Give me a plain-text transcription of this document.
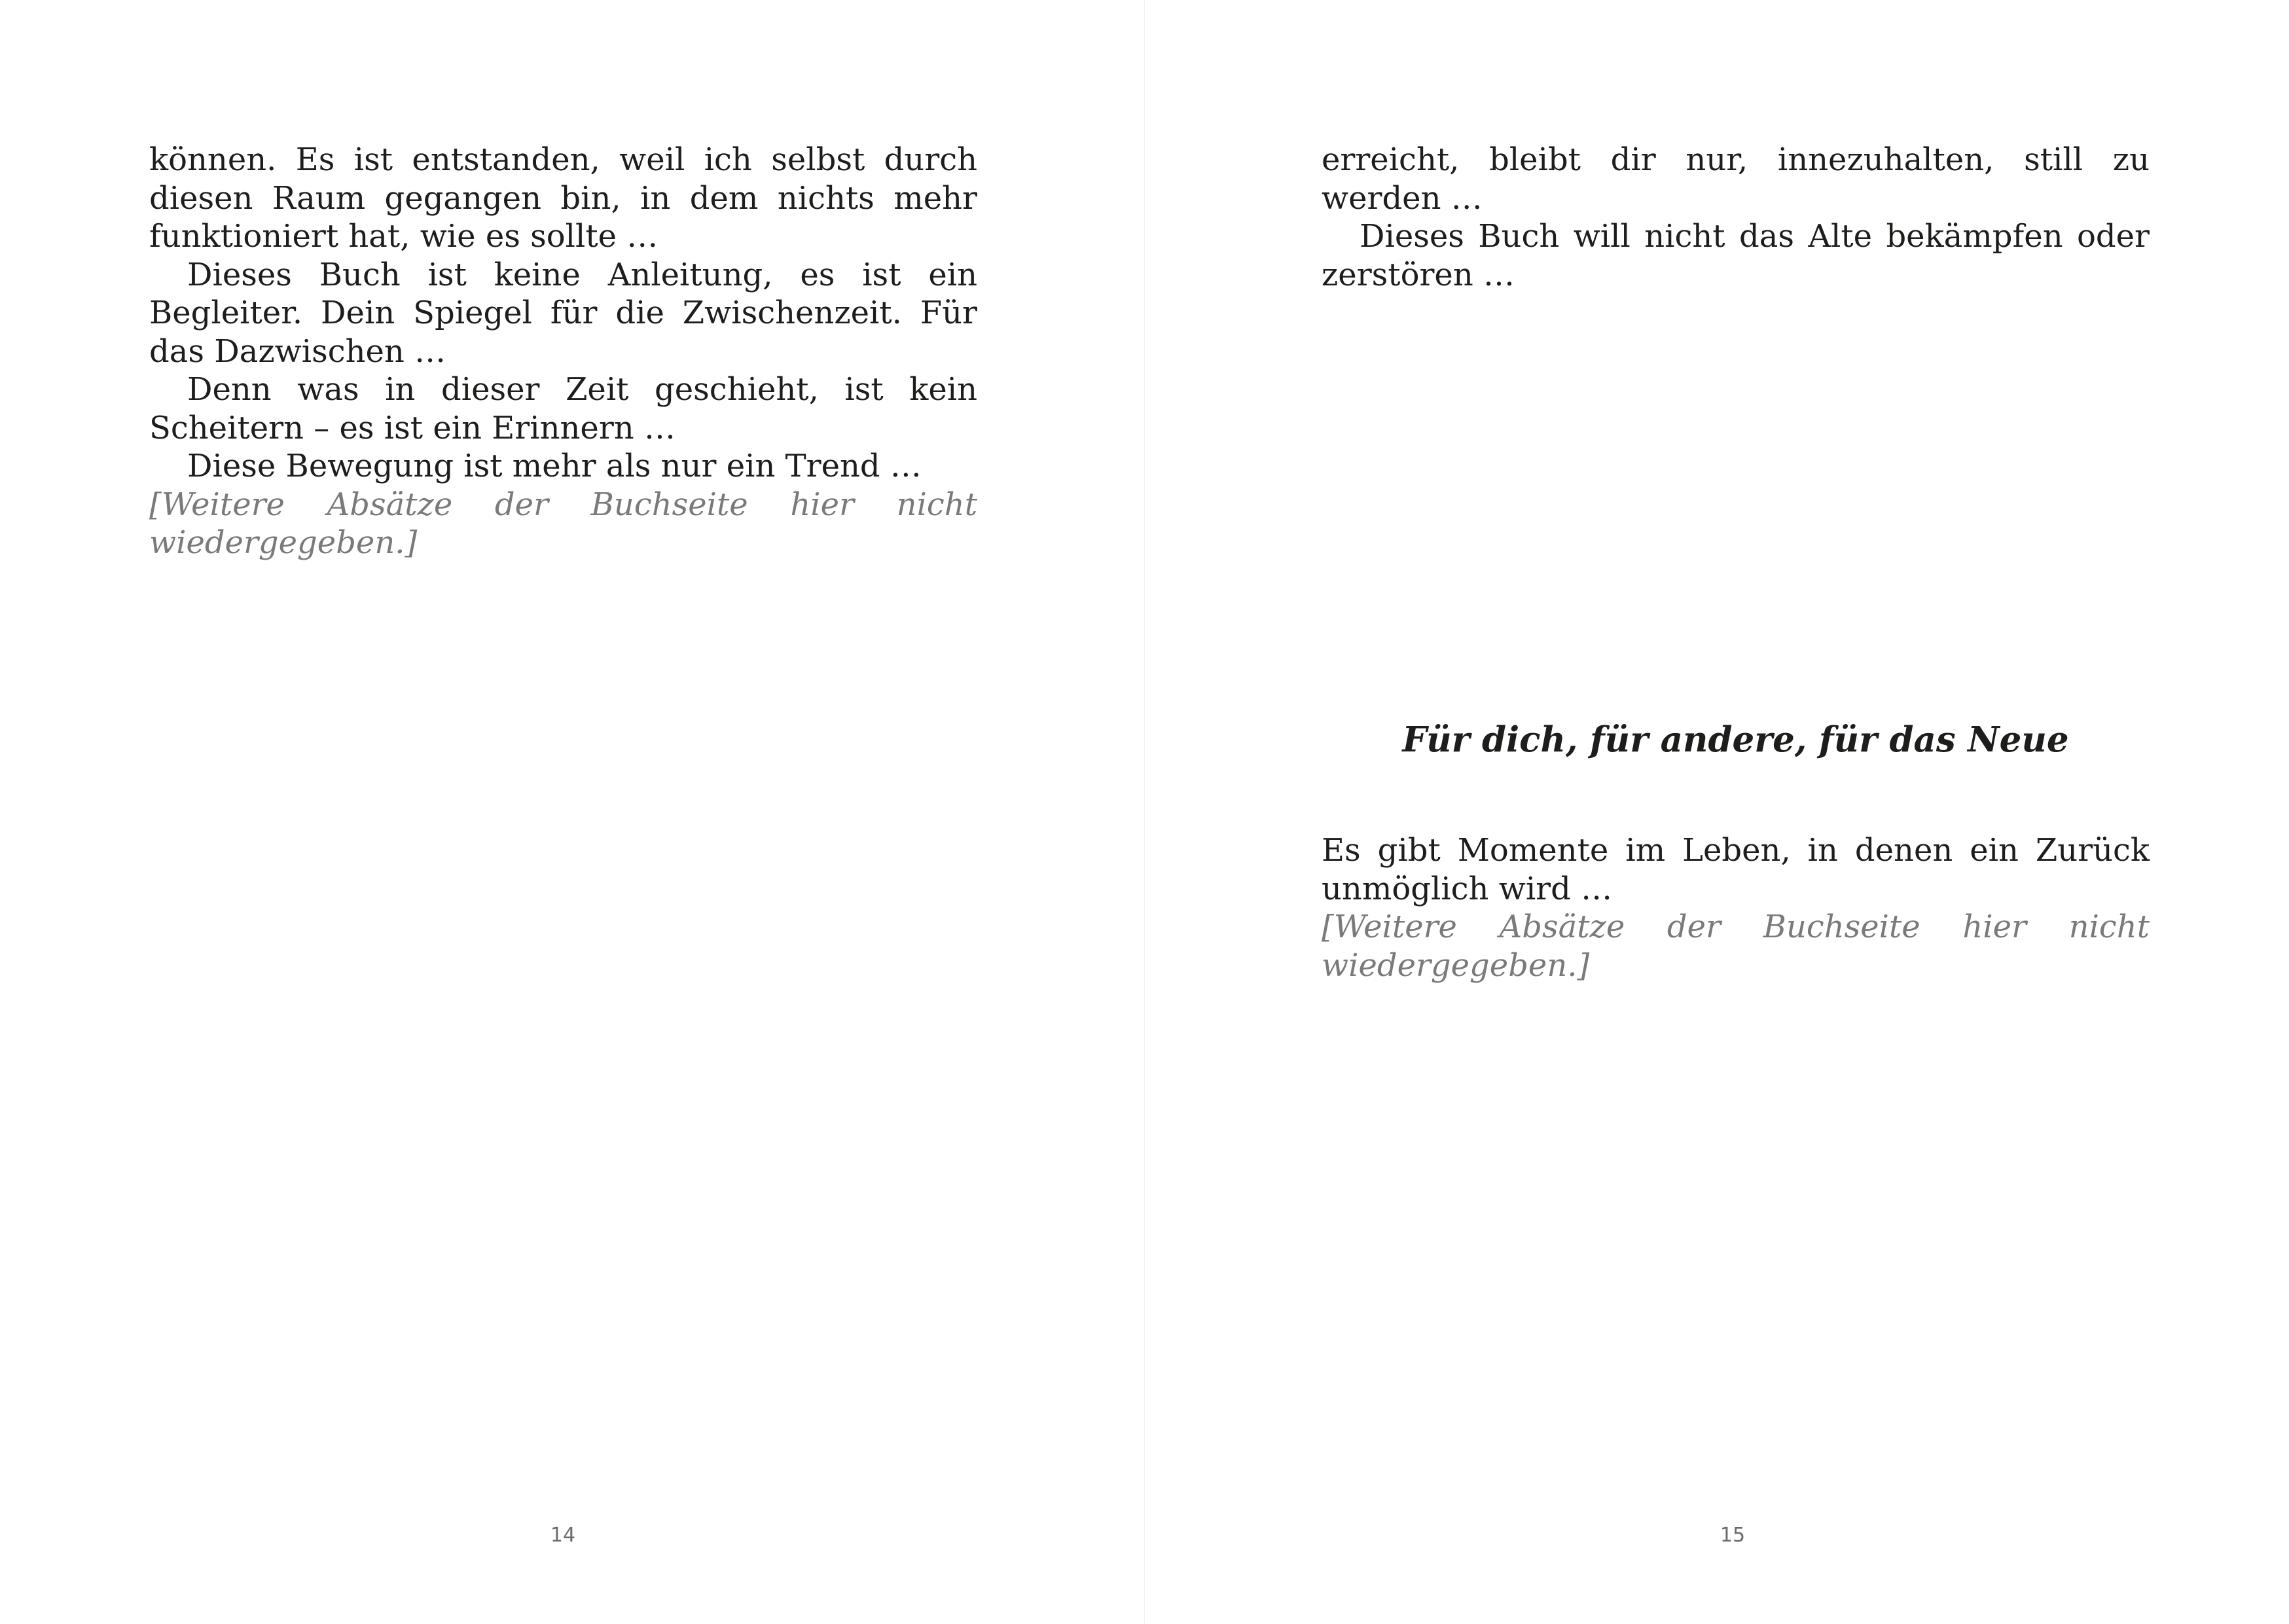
können. Es ist entstanden, weil ich selbst durch diesen Raum gegangen bin, in dem nichts mehr funktioniert hat, wie es sollte …

Dieses Buch ist keine Anleitung, es ist ein Begleiter. Dein Spiegel für die Zwischenzeit. Für das Dazwischen …

Denn was in dieser Zeit geschieht, ist kein Scheitern – es ist ein Erinnern …

Diese Bewegung ist mehr als nur ein Trend …

[Weitere Absätze der Buchseite hier nicht wiedergegeben.]

14

erreicht, bleibt dir nur, innezuhalten, still zu werden …

Dieses Buch will nicht das Alte bekämpfen oder zerstören …

Für dich, für andere, für das Neue

Es gibt Momente im Leben, in denen ein Zurück unmöglich wird …

[Weitere Absätze der Buchseite hier nicht wiedergegeben.]

15
